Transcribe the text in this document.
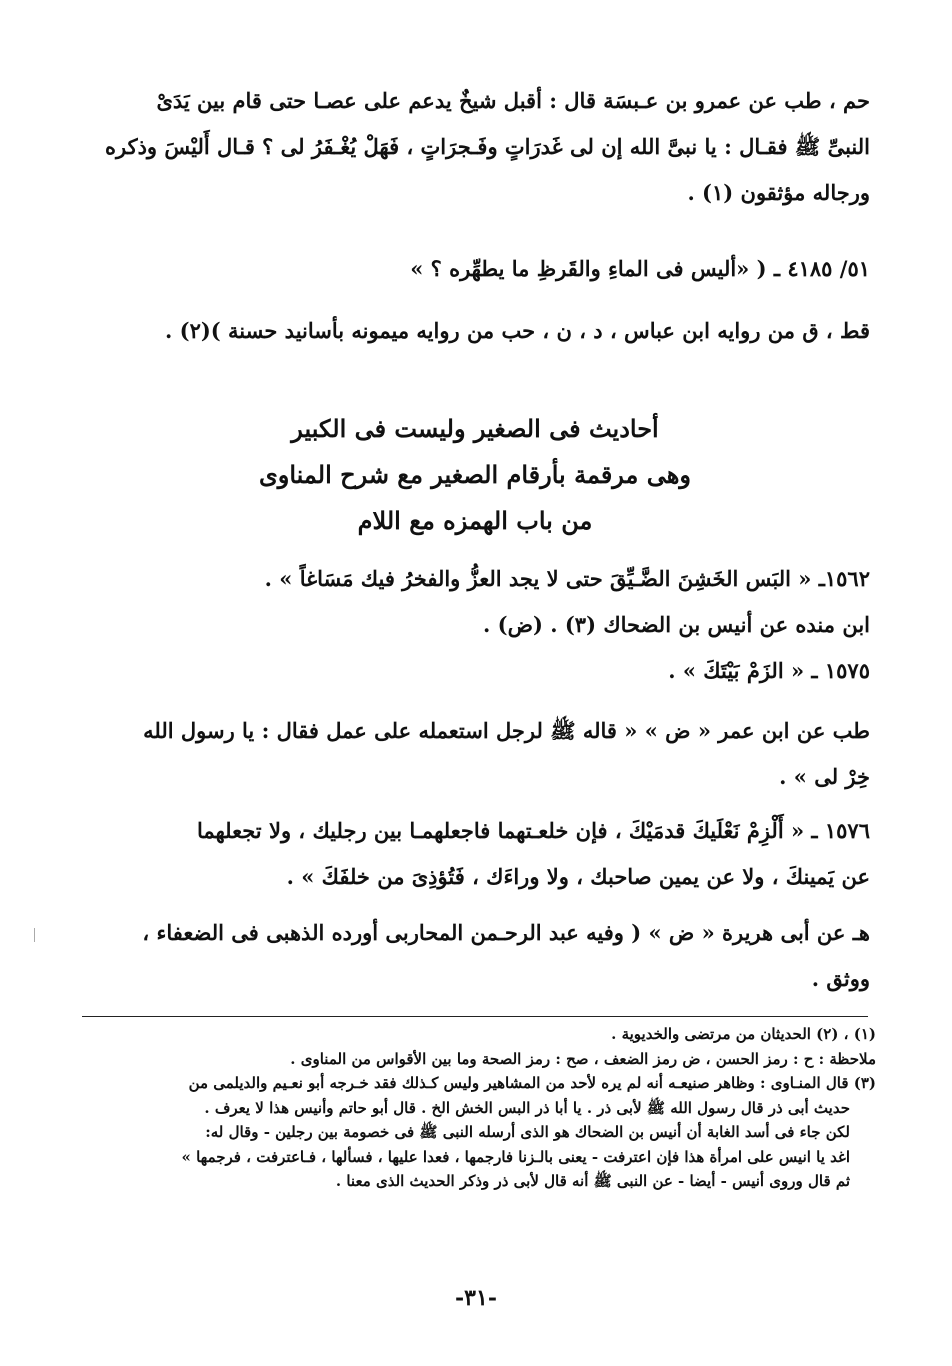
حم ، طب عن عمرو بن عـبسَة قال : أقبل شيخٌ يدعم على عصـا حتى قام بين يَدَىْ
النبىِّ ﷺ فقـال : يا نبىَّ الله إن لى غَدرَاتٍ وفَـجرَاتٍ ، فَهَلْ يُغْـفَرُ لى ؟ قـال أَليْسَ وذكره
ورجاله مؤثقون (١) .
٥١/ ٤١٨٥ ـ ( «أليس فى الماءِ والقَرظِ ما يطهِّره ؟ »
قط ، ق من روايه ابن عباس ، د ، ن ، حب من روايه ميمونه بأسانيد حسنة )(٢) .
أحاديث فى الصغير وليست فى الكبير
وهى مرقمة بأرقام الصغير مع شرح المناوى
من باب الهمزه مع اللام
١٥٦٢ـ « البَس الخَشِنَ الضَّـيِّقَ حتى لا يجد العزُّ والفخرُ فيك مَسَاغاً » .
ابن منده عن أنيس بن الضحاك (٣) . (ض) .
١٥٧٥ ـ « الزَمْ بَيْتَكَ » .
طب عن ابن عمر « ض » « قاله ﷺ لرجل استعمله على عمل فقال : يا رسول الله
خِرْ لى » .
١٥٧٦ ـ « أَلْزِمْ نَعْلَيكَ قدمَيْكَ ، فإن خلعـتهما فاجعلهمـا بين رجليك ، ولا تجعلهما
عن يَمينكَ ، ولا عن يمين صاحبك ، ولا وراءَك ، فَتُؤذِىَ من خلفَكَ » .
هـ عن أبى هريرة « ض » ( وفيه عبد الرحـمن المحاربى أورده الذهبى فى الضعفاء ،
ووثق .
(١) ، (٢) الحديثان من مرتضى والخديوية .
ملاحظة : ح : رمز الحسن ، ض رمز الضعف ، صح : رمز الصحة وما بين الأقواس من المناوى .
(٣) قال المنـاوى : وظاهر صنيعـه أنه لم يره لأحد من المشاهير وليس كـذلك فقد خـرجه أبو نعـيم والديلمى من
حديث أبى ذر قال رسول الله ﷺ لأبى ذر . يا أبا ذر البس الخش الخ . قال أبو حاتم وأنيس هذا لا يعرف .
لكن جاء فى أسد الغابة أن أنيس بن الضحاك هو الذى أرسله النبى ﷺ فى خصومة بين رجلين - وقال له:
اغد يا انيس على امرأة هذا فإن اعترفت - يعنى بالـزنا فارجمها ، فعدا عليها ، فسألها ، فـاعترفت ، فرجمها »
ثم قال وروى أنيس - أيضا - عن النبى ﷺ أنه قال لأبى ذر وذكر الحديث الذى معنا .
-٣١-
